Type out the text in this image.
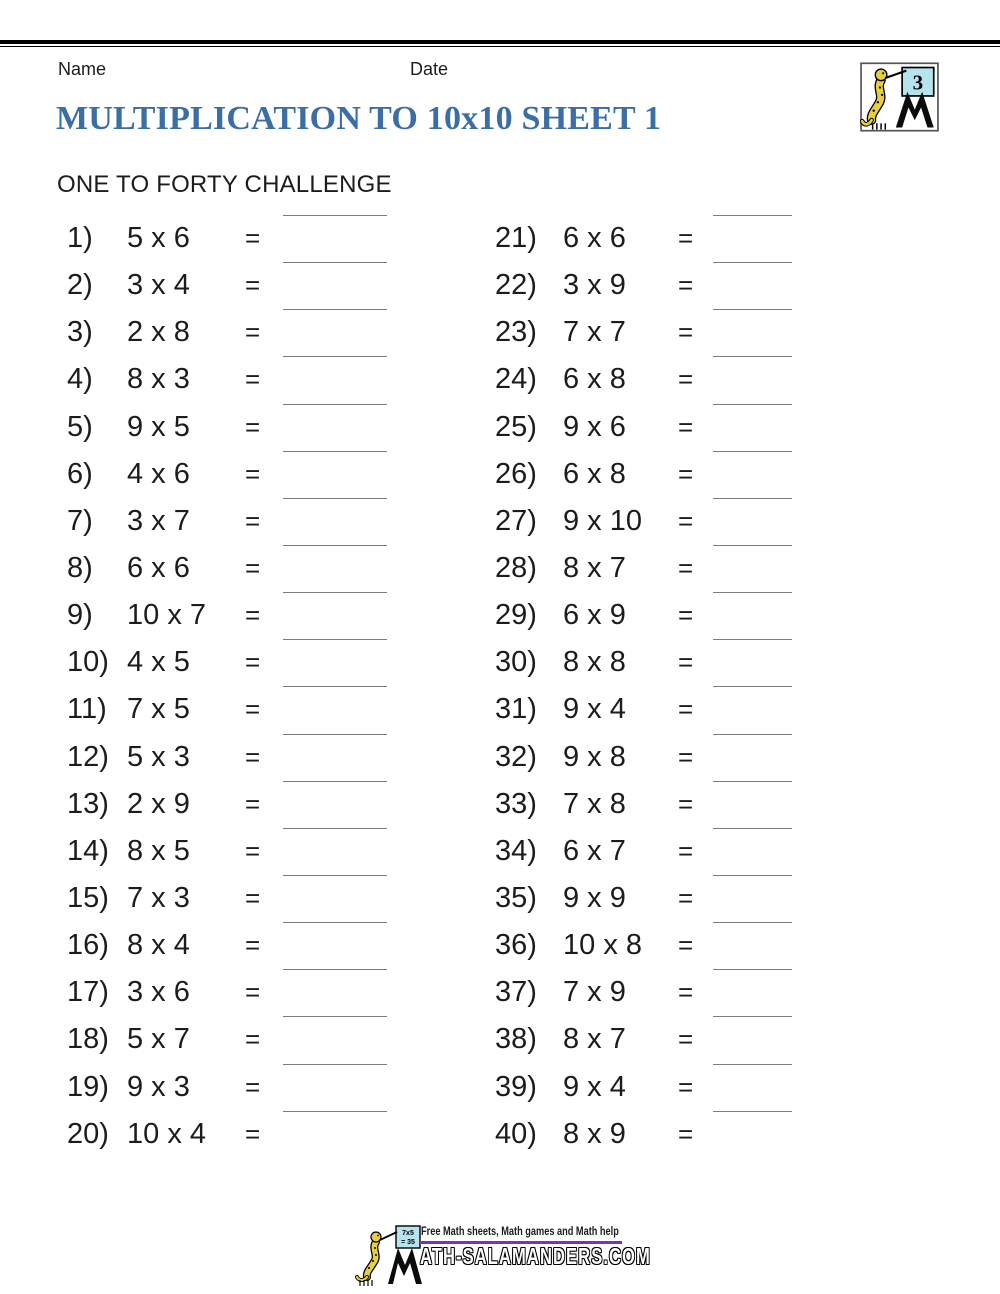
Name	Date
3
MULTIPLICATION TO 10x10 SHEET 1
ONE TO FORTY CHALLENGE
1) 5 x 6 =
2) 3 x 4 =
3) 2 x 8 =
4) 8 x 3 =
5) 9 x 5 =
6) 4 x 6 =
7) 3 x 7 =
8) 6 x 6 =
9) 10 x 7 =
10) 4 x 5 =
11) 7 x 5 =
12) 5 x 3 =
13) 2 x 9 =
14) 8 x 5 =
15) 7 x 3 =
16) 8 x 4 =
17) 3 x 6 =
18) 5 x 7 =
19) 9 x 3 =
20) 10 x 4 =
21) 6 x 6 =
22) 3 x 9 =
23) 7 x 7 =
24) 6 x 8 =
25) 9 x 6 =
26) 6 x 8 =
27) 9 x 10 =
28) 8 x 7 =
29) 6 x 9 =
30) 8 x 8 =
31) 9 x 4 =
32) 9 x 8 =
33) 7 x 8 =
34) 6 x 7 =
35) 9 x 9 =
36) 10 x 8 =
37) 7 x 9 =
38) 8 x 7 =
39) 9 x 4 =
40) 8 x 9 =
7x5
= 35
Free Math sheets, Math games and Math help
ATH-SALAMANDERS.COM
